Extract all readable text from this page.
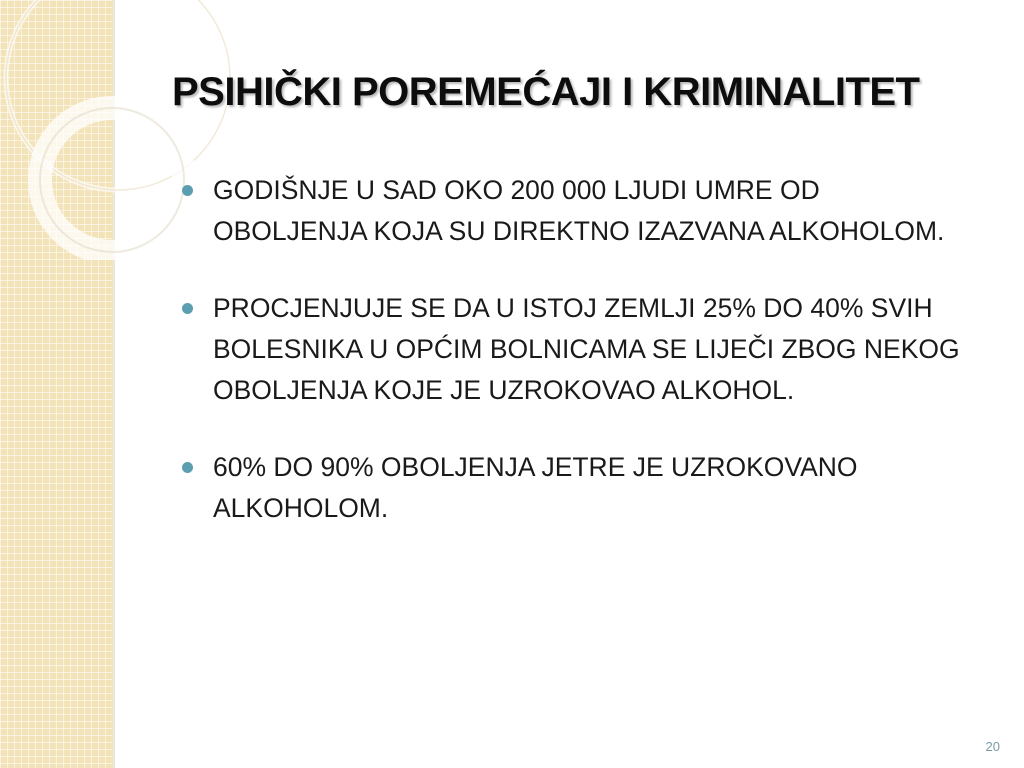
PSIHIČKI POREMEĆAJI I KRIMINALITET
GODIŠNJE U SAD OKO 200 000 LJUDI UMRE OD OBOLJENJA KOJA SU DIREKTNO IZAZVANA ALKOHOLOM.
PROCJENJUJE SE DA U ISTOJ ZEMLJI 25% DO 40% SVIH BOLESNIKA U OPĆIM BOLNICAMA SE LIJEČI ZBOG NEKOG OBOLJENJA KOJE JE UZROKOVAO ALKOHOL.
60% DO 90% OBOLJENJA JETRE JE UZROKOVANO ALKOHOLOM.
20
